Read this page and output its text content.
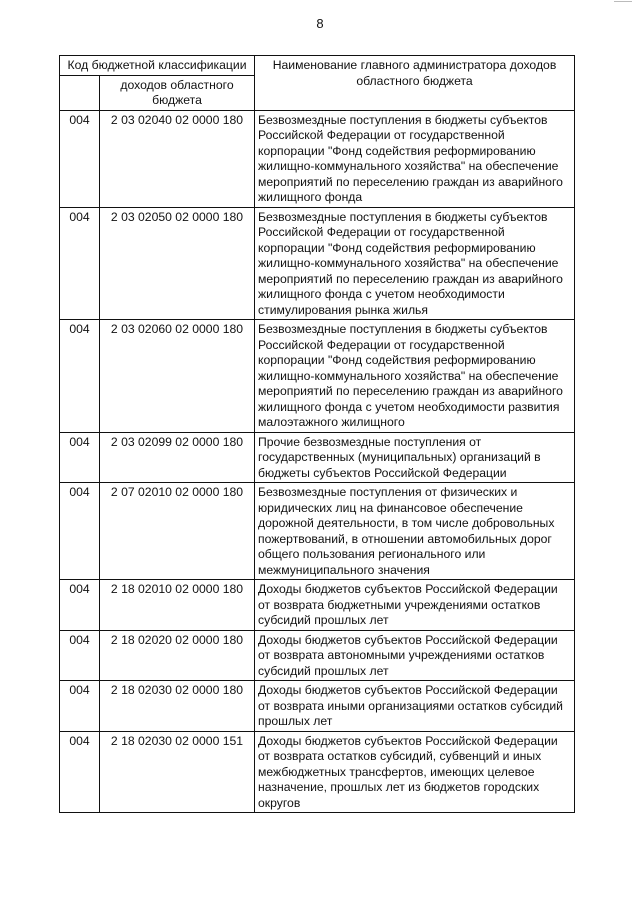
8
Код бюджетной классификации		Наименование главного администратора доходов областного бюджета
	доходов областного бюджета	
004	2 03 02040 02 0000 180	Безвозмездные поступления в бюджеты субъектов Российской Федерации от государственной корпорации "Фонд содействия реформированию жилищно-коммунального хозяйства" на обеспечение мероприятий по переселению граждан из аварийного жилищного фонда
004	2 03 02050 02 0000 180	Безвозмездные поступления в бюджеты субъектов Российской Федерации от государственной корпорации "Фонд содействия реформированию жилищно-коммунального хозяйства" на обеспечение мероприятий по переселению граждан из аварийного жилищного фонда с учетом необходимости стимулирования рынка жилья
004	2 03 02060 02 0000 180	Безвозмездные поступления в бюджеты субъектов Российской Федерации от государственной корпорации "Фонд содействия реформированию жилищно-коммунального хозяйства" на обеспечение мероприятий по переселению граждан из аварийного жилищного фонда с учетом необходимости развития малоэтажного жилищного
004	2 03 02099 02 0000 180	Прочие безвозмездные поступления от государственных (муниципальных) организаций в бюджеты субъектов Российской Федерации
004	2 07 02010 02 0000 180	Безвозмездные поступления от физических и юридических лиц на финансовое обеспечение дорожной деятельности, в том числе добровольных пожертвований, в отношении автомобильных дорог общего пользования регионального или межмуниципального значения
004	2 18 02010 02 0000 180	Доходы бюджетов субъектов Российской Федерации от возврата бюджетными учреждениями остатков субсидий прошлых лет
004	2 18 02020 02 0000 180	Доходы бюджетов субъектов Российской Федерации от возврата автономными учреждениями остатков субсидий прошлых лет
004	2 18 02030 02 0000 180	Доходы бюджетов субъектов Российской Федерации от возврата иными организациями остатков субсидий прошлых лет
004	2 18 02030 02 0000 151	Доходы бюджетов субъектов Российской Федерации от возврата остатков субсидий, субвенций и иных межбюджетных трансфертов, имеющих целевое назначение, прошлых лет из бюджетов городских округов
